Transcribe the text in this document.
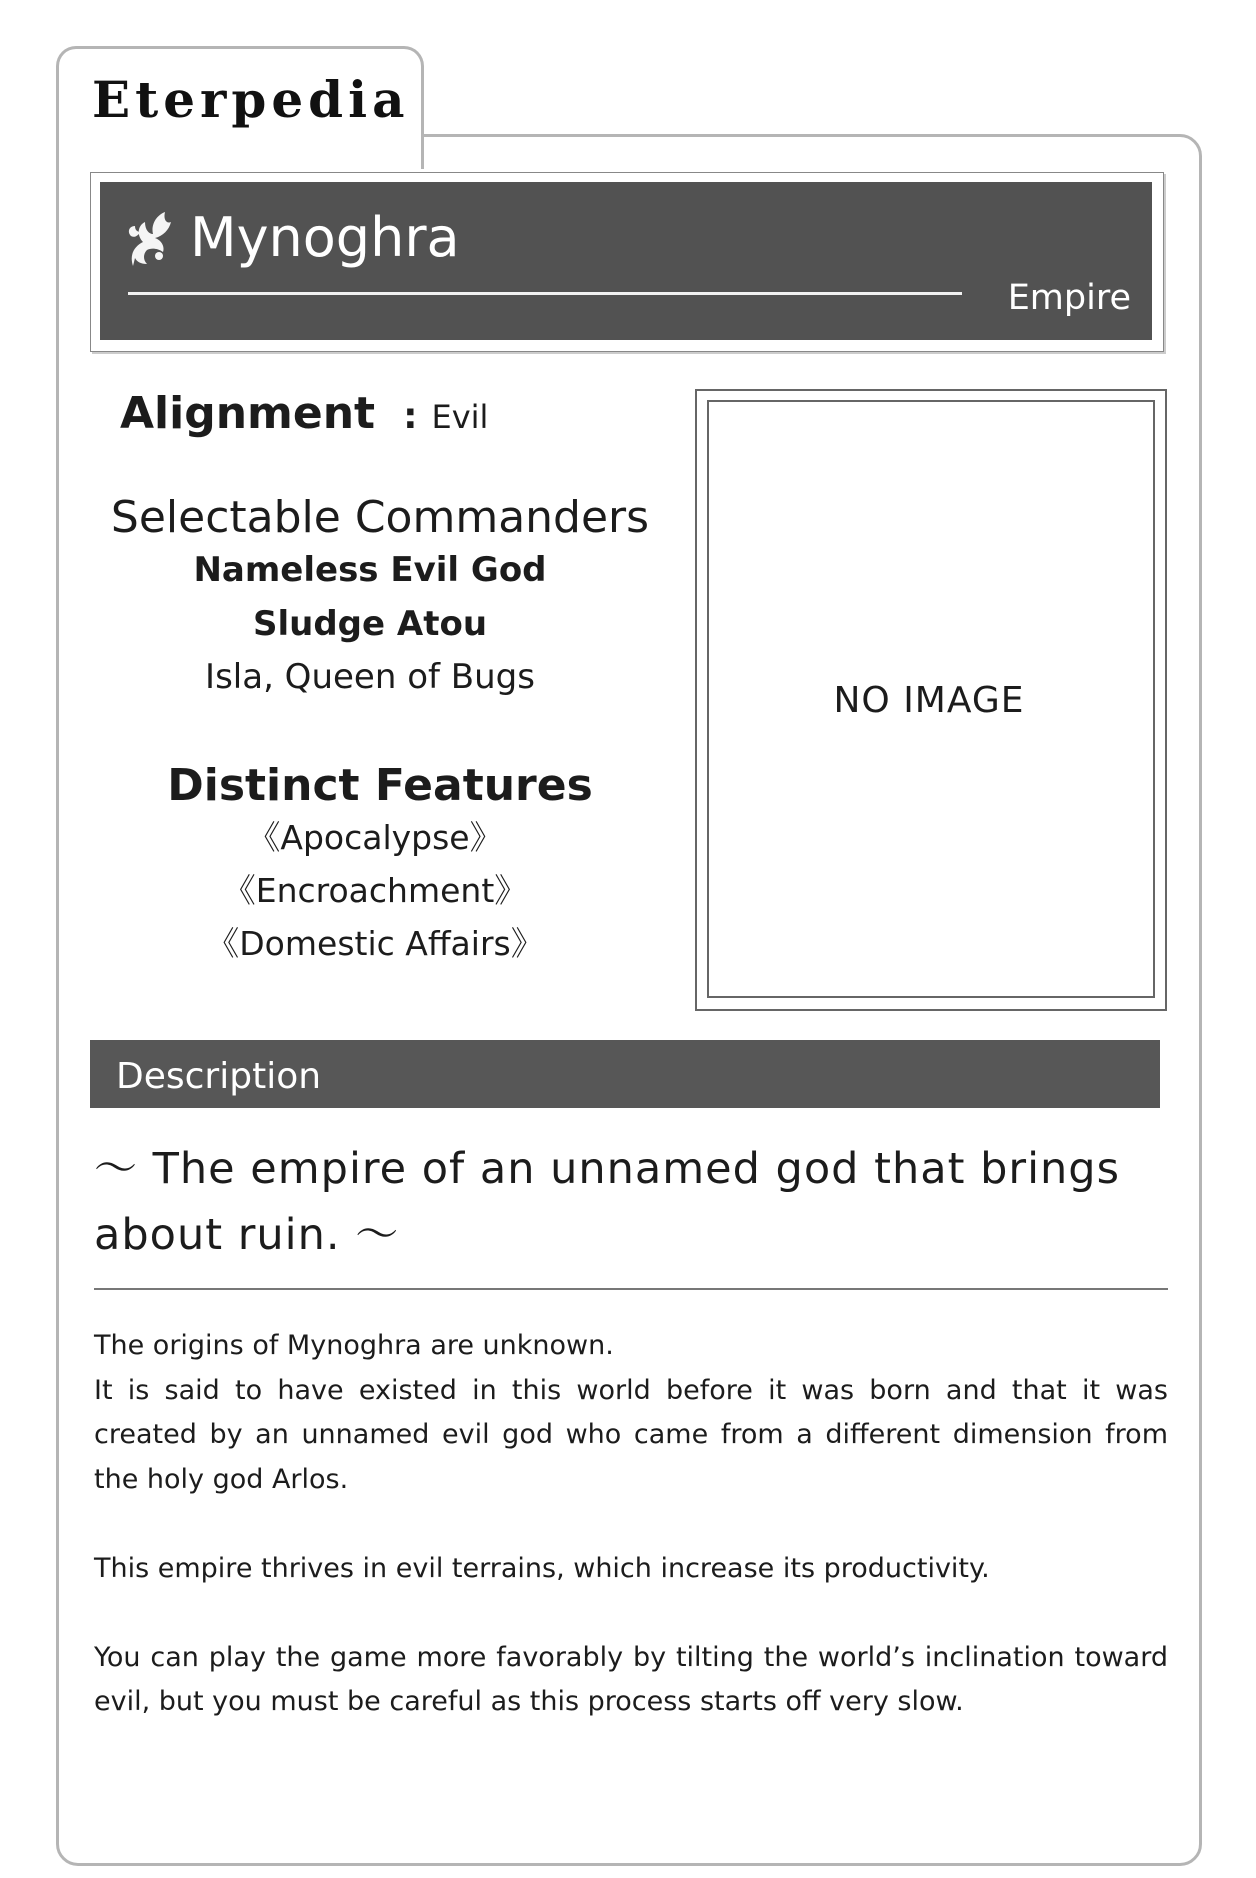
Eterpedia
Mynoghra
Empire
Alignment : Evil
Selectable Commanders
Nameless Evil God
Sludge Atou
Isla, Queen of Bugs
Distinct Features
《Apocalypse》
《Encroachment》
《Domestic Affairs》
NO IMAGE
Description
～ The empire of an unnamed god that brings about ruin. ～

The origins of Mynoghra are unknown.

It is said to have existed in this world before it was born and that it was created by an unnamed evil god who came from a different dimension from the holy god Arlos.

This empire thrives in evil terrains, which increase its productivity.

You can play the game more favorably by tilting the world’s inclination toward evil, but you must be careful as this process starts off very slow.
